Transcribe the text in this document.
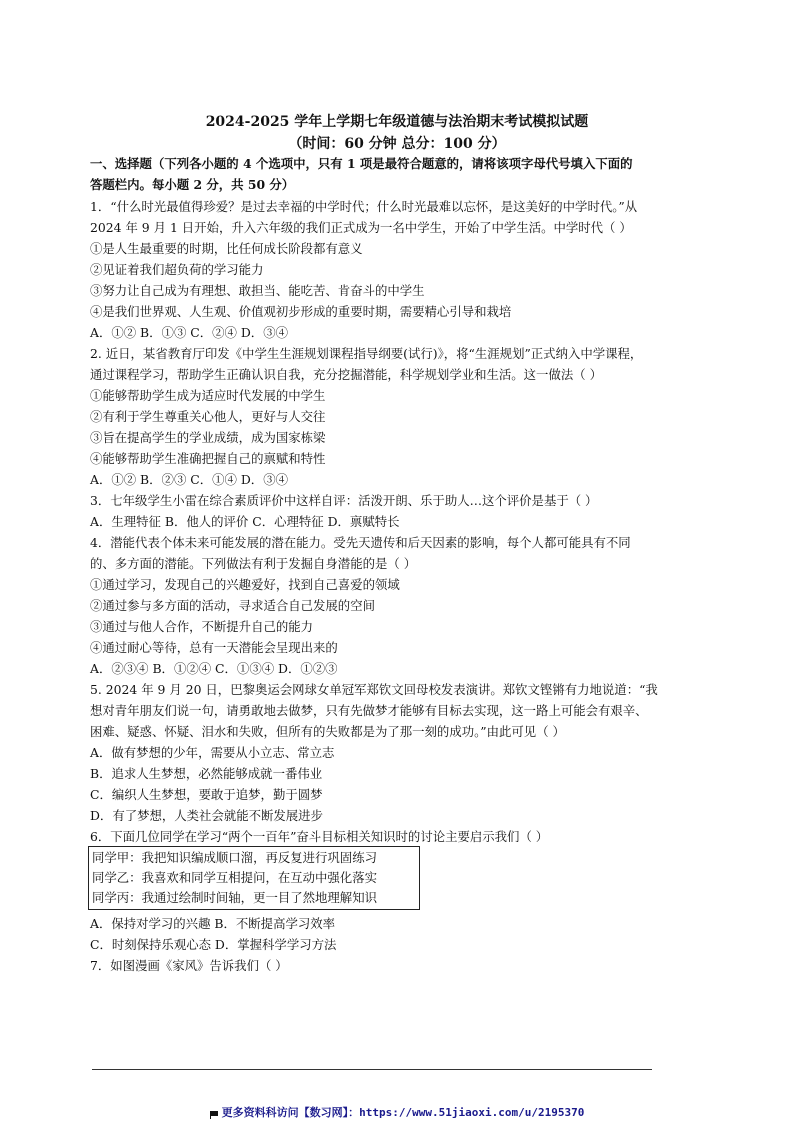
2024-2025 学年上学期七年级道德与法治期末考试模拟试题
（时间：60 分钟 总分：100 分）
一、选择题（下列各小题的 4 个选项中，只有 1 项是最符合题意的，请将该项字母代号填入下面的
答题栏内。每小题 2 分，共 50 分）
1．“什么时光最值得珍爱？是过去幸福的中学时代；什么时光最难以忘怀，是这美好的中学时代。”从
2024 年 9 月 1 日开始，升入六年级的我们正式成为一名中学生，开始了中学生活。中学时代（ ）
①是人生最重要的时期，比任何成长阶段都有意义
②见证着我们超负荷的学习能力
③努力让自己成为有理想、敢担当、能吃苦、肯奋斗的中学生
④是我们世界观、人生观、价值观初步形成的重要时期，需要精心引导和栽培
A．①② B．①③ C．②④ D．③④
2. 近日，某省教育厅印发《中学生生涯规划课程指导纲要(试行)》，将“生涯规划”正式纳入中学课程，
通过课程学习，帮助学生正确认识自我，充分挖掘潜能，科学规划学业和生活。这一做法（ ）
①能够帮助学生成为适应时代发展的中学生
②有利于学生尊重关心他人，更好与人交往
③旨在提高学生的学业成绩，成为国家栋梁
④能够帮助学生准确把握自己的禀赋和特性
A．①② B．②③ C．①④ D．③④
3．七年级学生小雷在综合素质评价中这样自评：活泼开朗、乐于助人…这个评价是基于（ ）
A．生理特征 B．他人的评价 C．心理特征 D．禀赋特长
4．潜能代表个体未来可能发展的潜在能力。受先天遗传和后天因素的影响，每个人都可能具有不同
的、多方面的潜能。下列做法有利于发掘自身潜能的是（ ）
①通过学习，发现自己的兴趣爱好，找到自己喜爱的领域
②通过参与多方面的活动，寻求适合自己发展的空间
③通过与他人合作，不断提升自己的能力
④通过耐心等待，总有一天潜能会呈现出来的
A．②③④ B．①②④ C．①③④ D．①②③
5. 2024 年 9 月 20 日，巴黎奥运会网球女单冠军郑钦文回母校发表演讲。郑钦文铿锵有力地说道：“我
想对青年朋友们说一句，请勇敢地去做梦，只有先做梦才能够有目标去实现，这一路上可能会有艰辛、
困难、疑惑、怀疑、泪水和失败，但所有的失败都是为了那一刻的成功。”由此可见（ ）
A．做有梦想的少年，需要从小立志、常立志
B．追求人生梦想，必然能够成就一番伟业
C．编织人生梦想，要敢于追梦，勤于圆梦
D．有了梦想，人类社会就能不断发展进步
6．下面几位同学在学习“两个一百年”奋斗目标相关知识时的讨论主要启示我们（ ）
同学甲：我把知识编成顺口溜，再反复进行巩固练习
同学乙：我喜欢和同学互相提问，在互动中强化落实
同学丙：我通过绘制时间轴，更一目了然地理解知识
A．保持对学习的兴趣 B．不断提高学习效率
C．时刻保持乐观心态 D．掌握科学学习方法
7．如图漫画《家风》告诉我们（ ）
更多资料科访问【数习网】：https://www.51jiaoxi.com/u/2195370
